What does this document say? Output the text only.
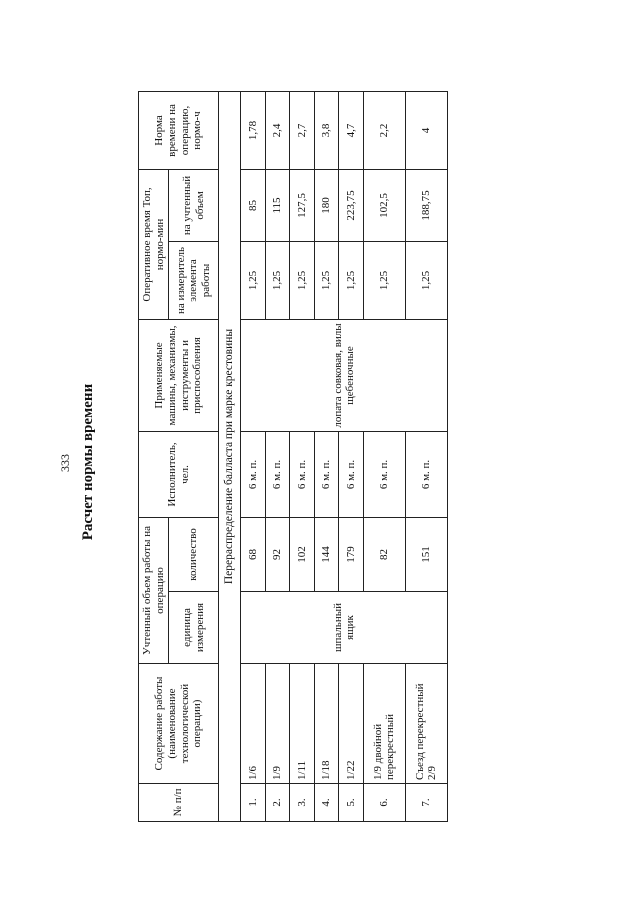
333 Расчет нормы времени
№ п/п	Содержание работы (наименование технологической операции)	Учтенный объем работы на операцию		Исполнитель, чел.	Применяемые машины, механизмы, инструменты и приспособления	Оперативное время Топ, нормо-мин		Норма времени на операцию, нормо-ч
		единица измерения	количество			на измеритель элемента работы	на учтенный объем	
Перераспределение балласта при марке крестовины								
1.	1/6	шпальный ящик	68	6 м. п.	лопата совковая, вилы щебеночные	1,25	85	1,78
2.	1/9		92	6 м. п.		1,25	115	2,4
3.	1/11		102	6 м. п.		1,25	127,5	2,7
4.	1/18		144	6 м. п.		1,25	180	3,8
5.	1/22		179	6 м. п.		1,25	223,75	4,7
6.	1/9 двойной перекрестный		82	6 м. п.		1,25	102,5	2,2
7.	Съезд перекрестный 2/9		151	6 м. п.		1,25	188,75	4
